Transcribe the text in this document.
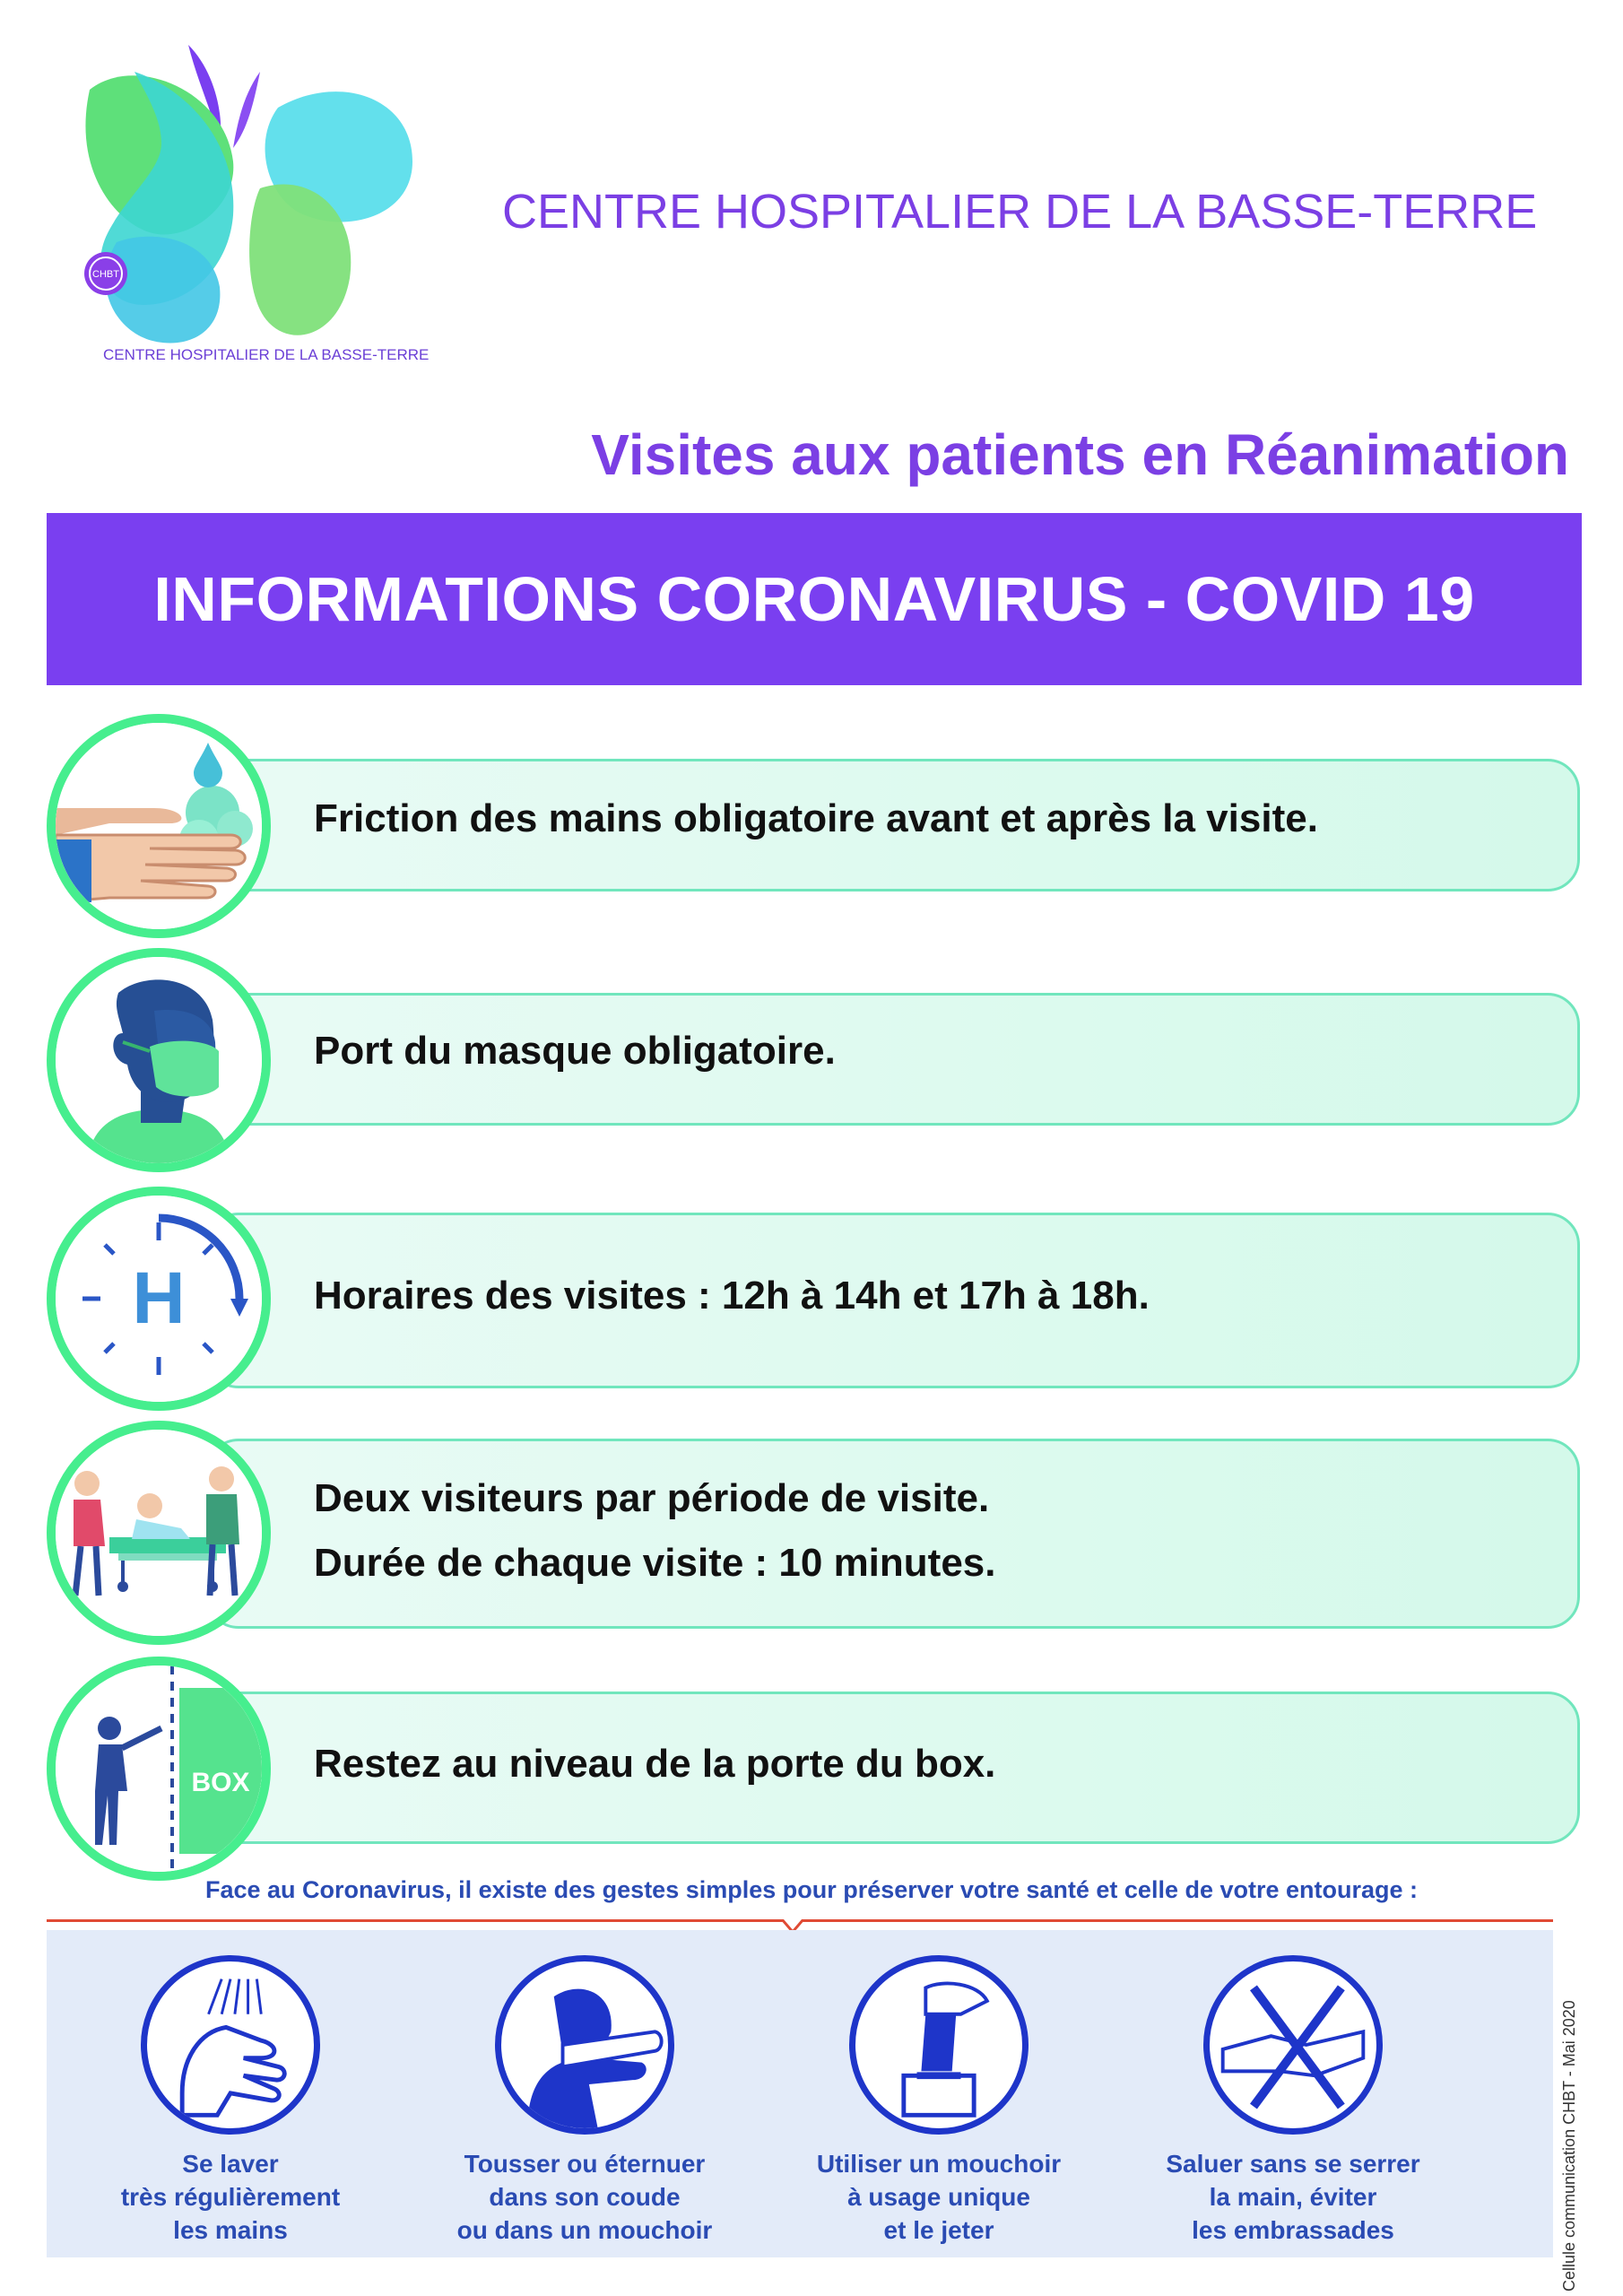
CHBT
CENTRE HOSPITALIER DE LA BASSE-TERRE
CENTRE HOSPITALIER DE LA BASSE-TERRE
Visites aux patients en Réanimation
INFORMATIONS CORONAVIRUS - COVID 19
Friction des mains obligatoire avant et après la visite.
Port du masque obligatoire.
Horaires des visites : 12h à 14h et 17h à 18h.
H
Deux visiteurs par période de visite.
Durée de chaque visite : 10 minutes.
Restez au niveau de la porte du box.
BOX
Face au Coronavirus, il existe des gestes simples pour préserver votre santé et celle de votre entourage :
Se laver
très régulièrement
les mains
Tousser ou éternuer
dans son coude
ou dans un mouchoir
Utiliser un mouchoir
à usage unique
et le jeter
Saluer sans se serrer
la main, éviter
les embrassades	Cellule communication CHBT - Mai 2020
